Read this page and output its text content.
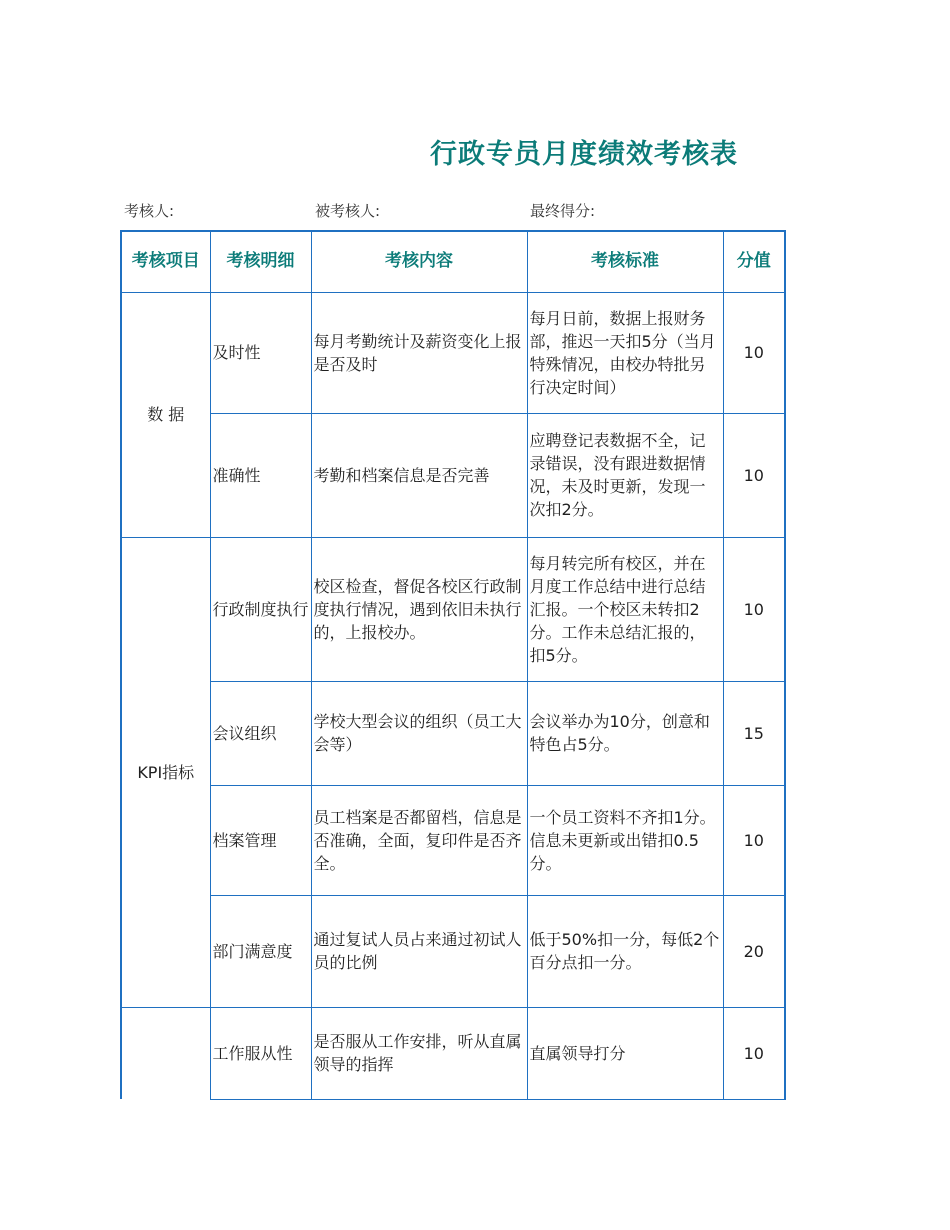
行政专员月度绩效考核表
考核人:	被考核人:	最终得分:
考核项目	考核明细	考核内容	考核标准	分值
数 据	及时性	每月考勤统计及薪资变化上报是否及时	每月日前，数据上报财务部，推迟一天扣5分（当月特殊情况，由校办特批另行决定时间）	10
	准确性	考勤和档案信息是否完善	应聘登记表数据不全，记录错误，没有跟进数据情况，未及时更新，发现一次扣2分。	10
KPI指标	行政制度执行	校区检查，督促各校区行政制度执行情况，遇到依旧未执行的，上报校办。	每月转完所有校区，并在月度工作总结中进行总结汇报。一个校区未转扣2分。工作未总结汇报的，扣5分。	10
	会议组织	学校大型会议的组织（员工大会等）	会议举办为10分，创意和特色占5分。	15
	档案管理	员工档案是否都留档，信息是否准确，全面，复印件是否齐全。	一个员工资料不齐扣1分。信息未更新或出错扣0.5分。	10
	部门满意度	通过复试人员占来通过初试人员的比例	低于50%扣一分，每低2个百分点扣一分。	20
	工作服从性	是否服从工作安排，听从直属领导的指挥	直属领导打分	10
